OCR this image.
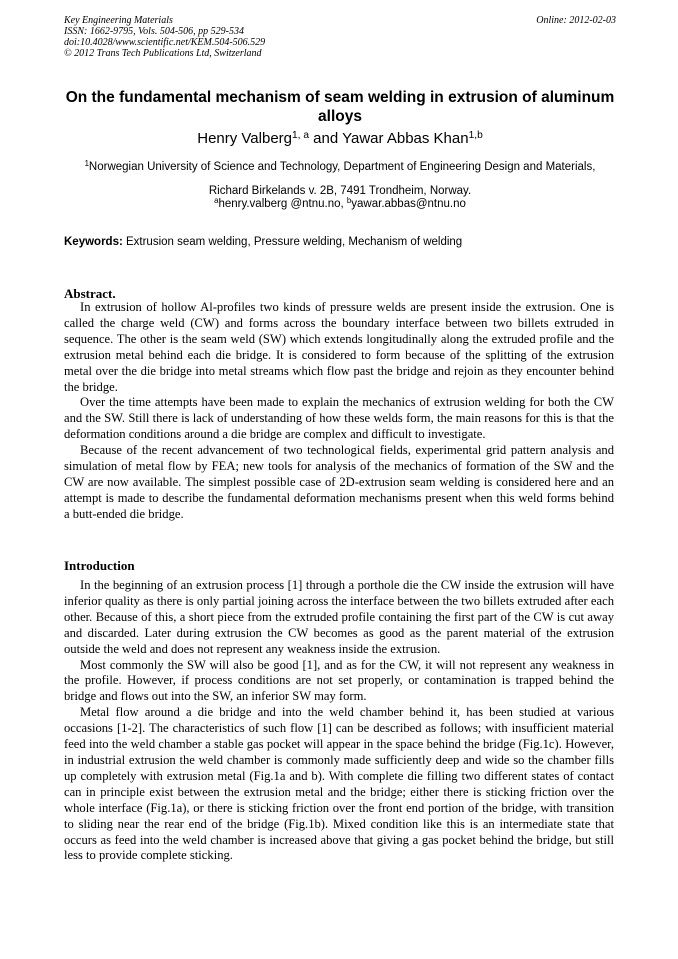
Key Engineering Materials
ISSN: 1662-9795, Vols. 504-506, pp 529-534
doi:10.4028/www.scientific.net/KEM.504-506.529
© 2012 Trans Tech Publications Ltd, Switzerland
Online: 2012-02-03
On the fundamental mechanism of seam welding in extrusion of aluminum alloys
Henry Valberg$^{1, a}$ and Yawar Abbas Khan$^{1,b}$
$^1$Norwegian University of Science and Technology, Department of Engineering Design and Materials, Richard Birkelands v. 2B, 7491 Trondheim, Norway.
$^a$henry.valberg @ntnu.no, $^b$yawar.abbas@ntnu.no
Keywords: Extrusion seam welding, Pressure welding, Mechanism of welding
Abstract.

In extrusion of hollow Al-profiles two kinds of pressure welds are present inside the extrusion. One is called the charge weld (CW) and forms across the boundary interface between two billets extruded in sequence. The other is the seam weld (SW) which extends longitudinally along the extruded profile and the extrusion metal behind each die bridge. It is considered to form because of the splitting of the extrusion metal over the die bridge into metal streams which flow past the bridge and rejoin as they encounter behind the bridge.

Over the time attempts have been made to explain the mechanics of extrusion welding for both the CW and the SW. Still there is lack of understanding of how these welds form, the main reasons for this is that the deformation conditions around a die bridge are complex and difficult to investigate.

Because of the recent advancement of two technological fields, experimental grid pattern analysis and simulation of metal flow by FEA; new tools for analysis of the mechanics of formation of the SW and the CW are now available. The simplest possible case of 2D-extrusion seam welding is considered here and an attempt is made to describe the fundamental deformation mechanisms present when this weld forms behind a butt-ended die bridge.

Introduction

In the beginning of an extrusion process [1] through a porthole die the CW inside the extrusion will have inferior quality as there is only partial joining across the interface between the two billets extruded after each other. Because of this, a short piece from the extruded profile containing the first part of the CW is cut away and discarded. Later during extrusion the CW becomes as good as the parent material of the extrusion outside the weld and does not represent any weakness inside the extrusion.

Most commonly the SW will also be good [1], and as for the CW, it will not represent any weakness in the profile. However, if process conditions are not set properly, or contamination is trapped behind the bridge and flows out into the SW, an inferior SW may form.

Metal flow around a die bridge and into the weld chamber behind it, has been studied at various occasions [1-2]. The characteristics of such flow [1] can be described as follows; with insufficient material feed into the weld chamber a stable gas pocket will appear in the space behind the bridge (Fig.1c). However, in industrial extrusion the weld chamber is commonly made sufficiently deep and wide so the chamber fills up completely with extrusion metal (Fig.1a and b). With complete die filling two different states of contact can in principle exist between the extrusion metal and the bridge; either there is sticking friction over the whole interface (Fig.1a), or there is sticking friction over the front end portion of the bridge, with transition to sliding near the rear end of the bridge (Fig.1b). Mixed condition like this is an intermediate state that occurs as feed into the weld chamber is increased above that giving a gas pocket behind the bridge, but still less to provide complete sticking.
